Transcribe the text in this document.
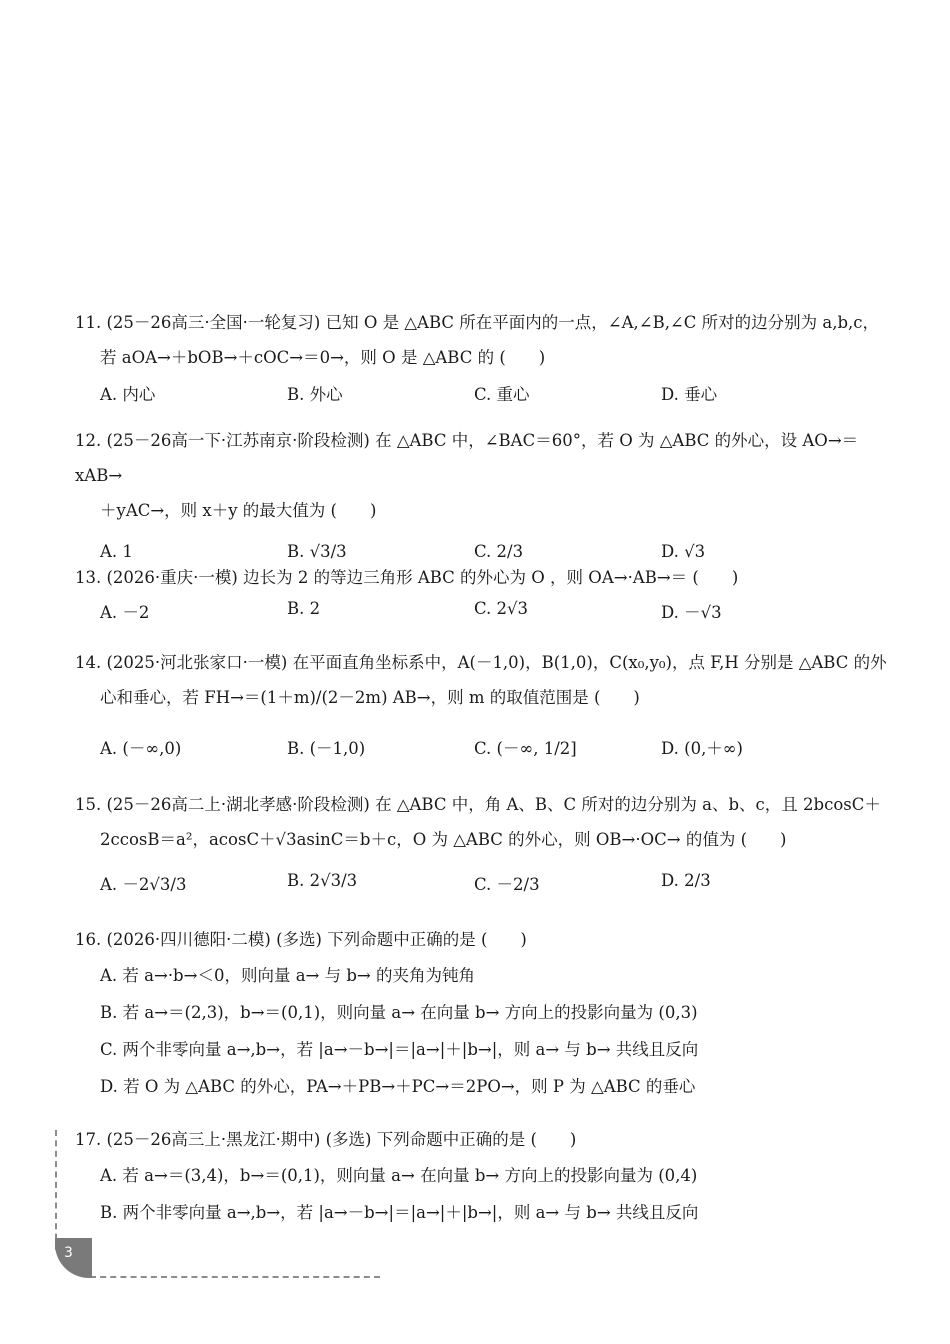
11. (25－26高三·全国·一轮复习) 已知 O 是 △ABC 所在平面内的一点，∠A,∠B,∠C 所对的边分别为 a,b,c，

若 aOA→＋bOB→＋cOC→＝0→，则 O 是 △ABC 的 (　　)

A. 内心	B. 外心	C. 重心	D. 垂心

12. (25－26高一下·江苏南京·阶段检测) 在 △ABC 中，∠BAC＝60°，若 O 为 △ABC 的外心，设 AO→＝xAB→

＋yAC→，则 x＋y 的最大值为 (　　)

A. 1	B. √3/3	C. 2/3	D. √3

13. (2026·重庆·一模) 边长为 2 的等边三角形 ABC 的外心为 O ，则 OA→·AB→＝ (　　)

A. －2	B. 2	C. 2√3	D. －√3

14. (2025·河北张家口·一模) 在平面直角坐标系中，A(－1,0)，B(1,0)，C(x₀,y₀)，点 F,H 分别是 △ABC 的外

心和垂心，若 FH→＝(1＋m)/(2－2m) AB→，则 m 的取值范围是 (　　)

A. (－∞,0)	B. (－1,0)	C. (－∞, 1/2]	D. (0,＋∞)

15. (25－26高二上·湖北孝感·阶段检测) 在 △ABC 中，角 A、B、C 所对的边分别为 a、b、c，且 2bcosC＋

2ccosB＝a²，acosC＋√3asinC＝b＋c，O 为 △ABC 的外心，则 OB→·OC→ 的值为 (　　)

A. －2√3/3	B. 2√3/3	C. －2/3	D. 2/3

16. (2026·四川德阳·二模) (多选) 下列命题中正确的是 (　　)

A. 若 a→·b→＜0，则向量 a→ 与 b→ 的夹角为钝角
B. 若 a→＝(2,3)，b→＝(0,1)，则向量 a→ 在向量 b→ 方向上的投影向量为 (0,3)
C. 两个非零向量 a→,b→，若 |a→－b→|＝|a→|＋|b→|，则 a→ 与 b→ 共线且反向
D. 若 O 为 △ABC 的外心，PA→＋PB→＋PC→＝2PO→，则 P 为 △ABC 的垂心

17. (25－26高三上·黑龙江·期中) (多选) 下列命题中正确的是 (　　)

A. 若 a→＝(3,4)，b→＝(0,1)，则向量 a→ 在向量 b→ 方向上的投影向量为 (0,4)
B. 两个非零向量 a→,b→，若 |a→－b→|＝|a→|＋|b→|，则 a→ 与 b→ 共线且反向
3
